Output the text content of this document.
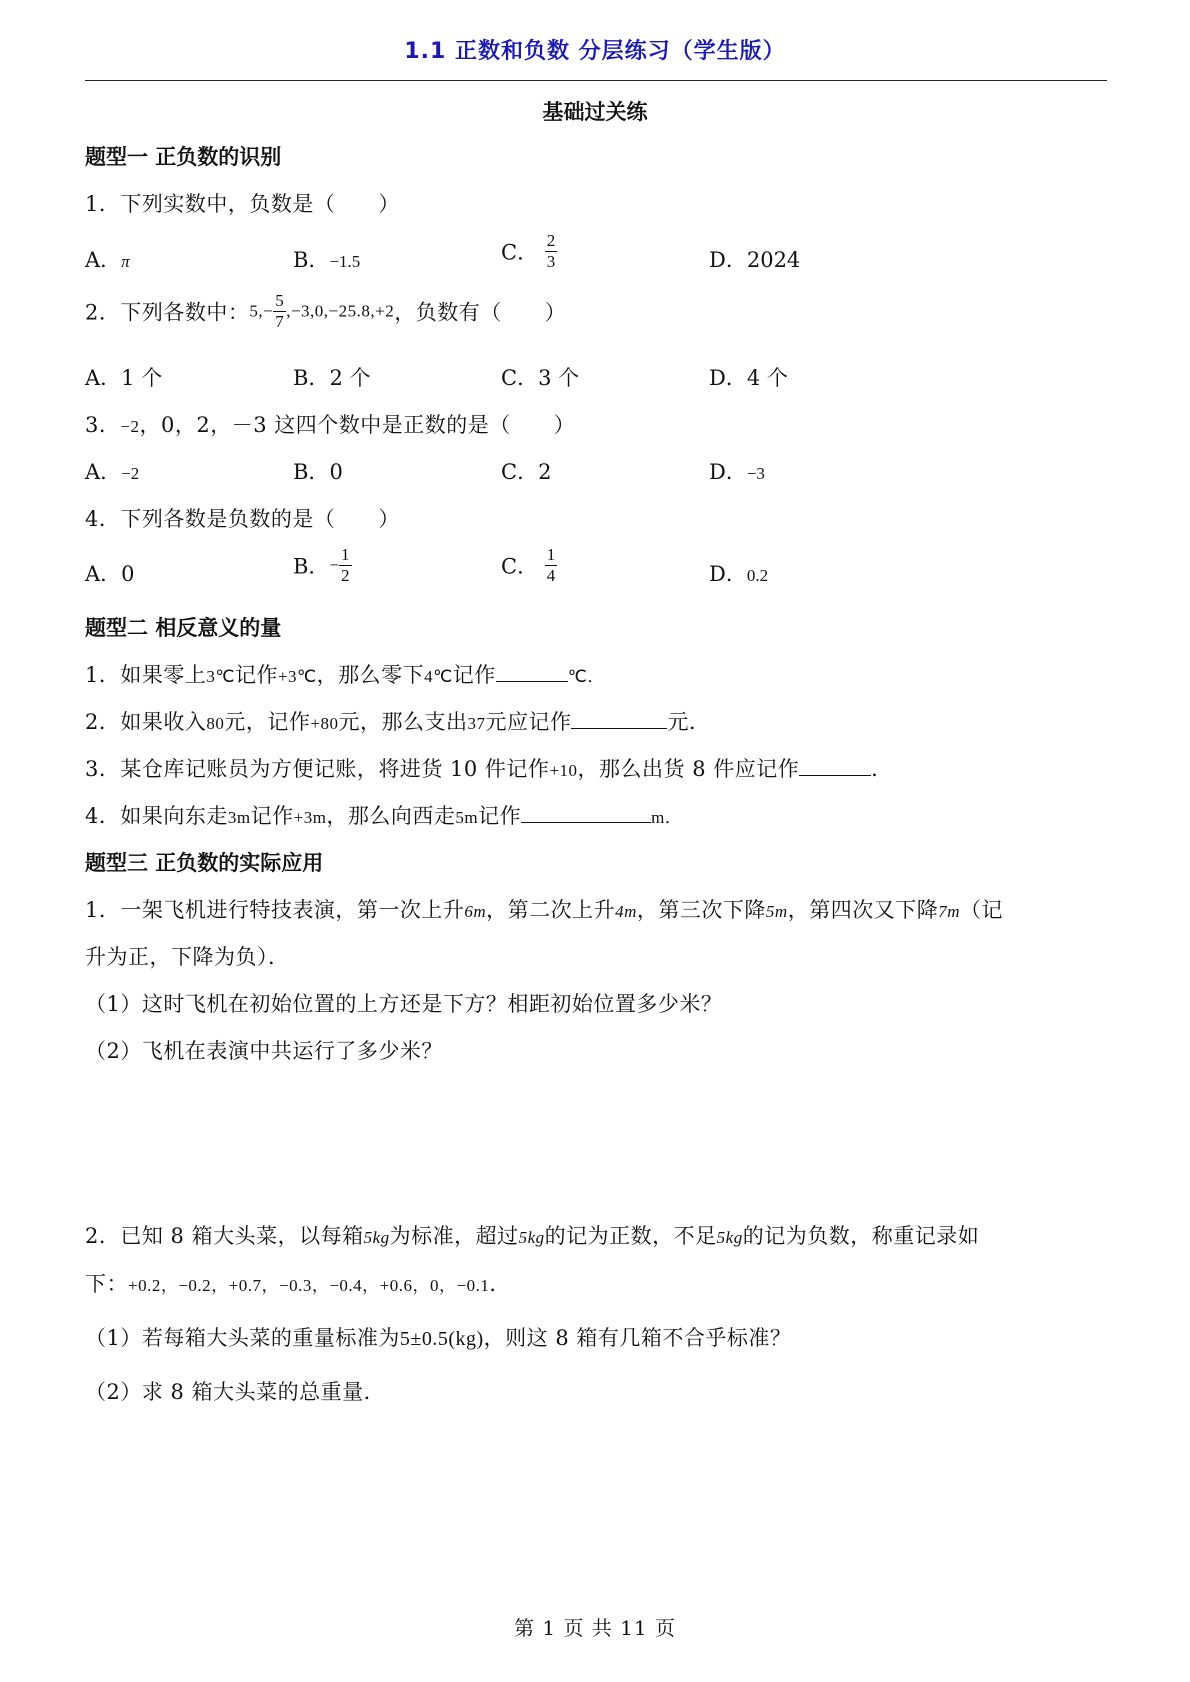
1.1 正数和负数 分层练习（学生版）
基础过关练
题型一 正负数的识别
1．下列实数中，负数是（　　）
A．π	B．−1.5	C． $\frac{2}{3}$	D．2024
2．下列各数中：$5,- \frac{5}{7} ,-3,0,-25.8,+2$，负数有（　　）
A．1 个	B．2 个	C．3 个	D．4 个
3．−2，0，2，－3 这四个数中是正数的是（　　）
A．−2	B．0	C．2	D．−3
4．下列各数是负数的是（　　）
A．0	B．− $\frac{1}{2}$	C． $\frac{1}{4}$	D．0.2
题型二 相反意义的量
1．如果零上3℃记作+3℃，那么零下4℃记作	℃．
2．如果收入80元，记作+80元，那么支出37元应记作	元．
3．某仓库记账员为方便记账，将进货 10 件记作+10，那么出货 8 件应记作	．
4．如果向东走3m记作+3m，那么向西走5m记作	m．
题型三 正负数的实际应用
1．一架飞机进行特技表演，第一次上升6m，第二次上升4m，第三次下降5m，第四次又下降7m（记
升为正，下降为负）．
（1）这时飞机在初始位置的上方还是下方？相距初始位置多少米？
（2）飞机在表演中共运行了多少米？
2．已知 8 箱大头菜，以每箱5kg为标准，超过5kg的记为正数，不足5kg的记为负数，称重记录如
下：+0.2，−0.2，+0.7，−0.3，−0.4，+0.6，0，−0.1．
（1）若每箱大头菜的重量标准为5±0.5(kg)，则这 8 箱有几箱不合乎标准？
（2）求 8 箱大头菜的总重量．
第 1 页 共 11 页
